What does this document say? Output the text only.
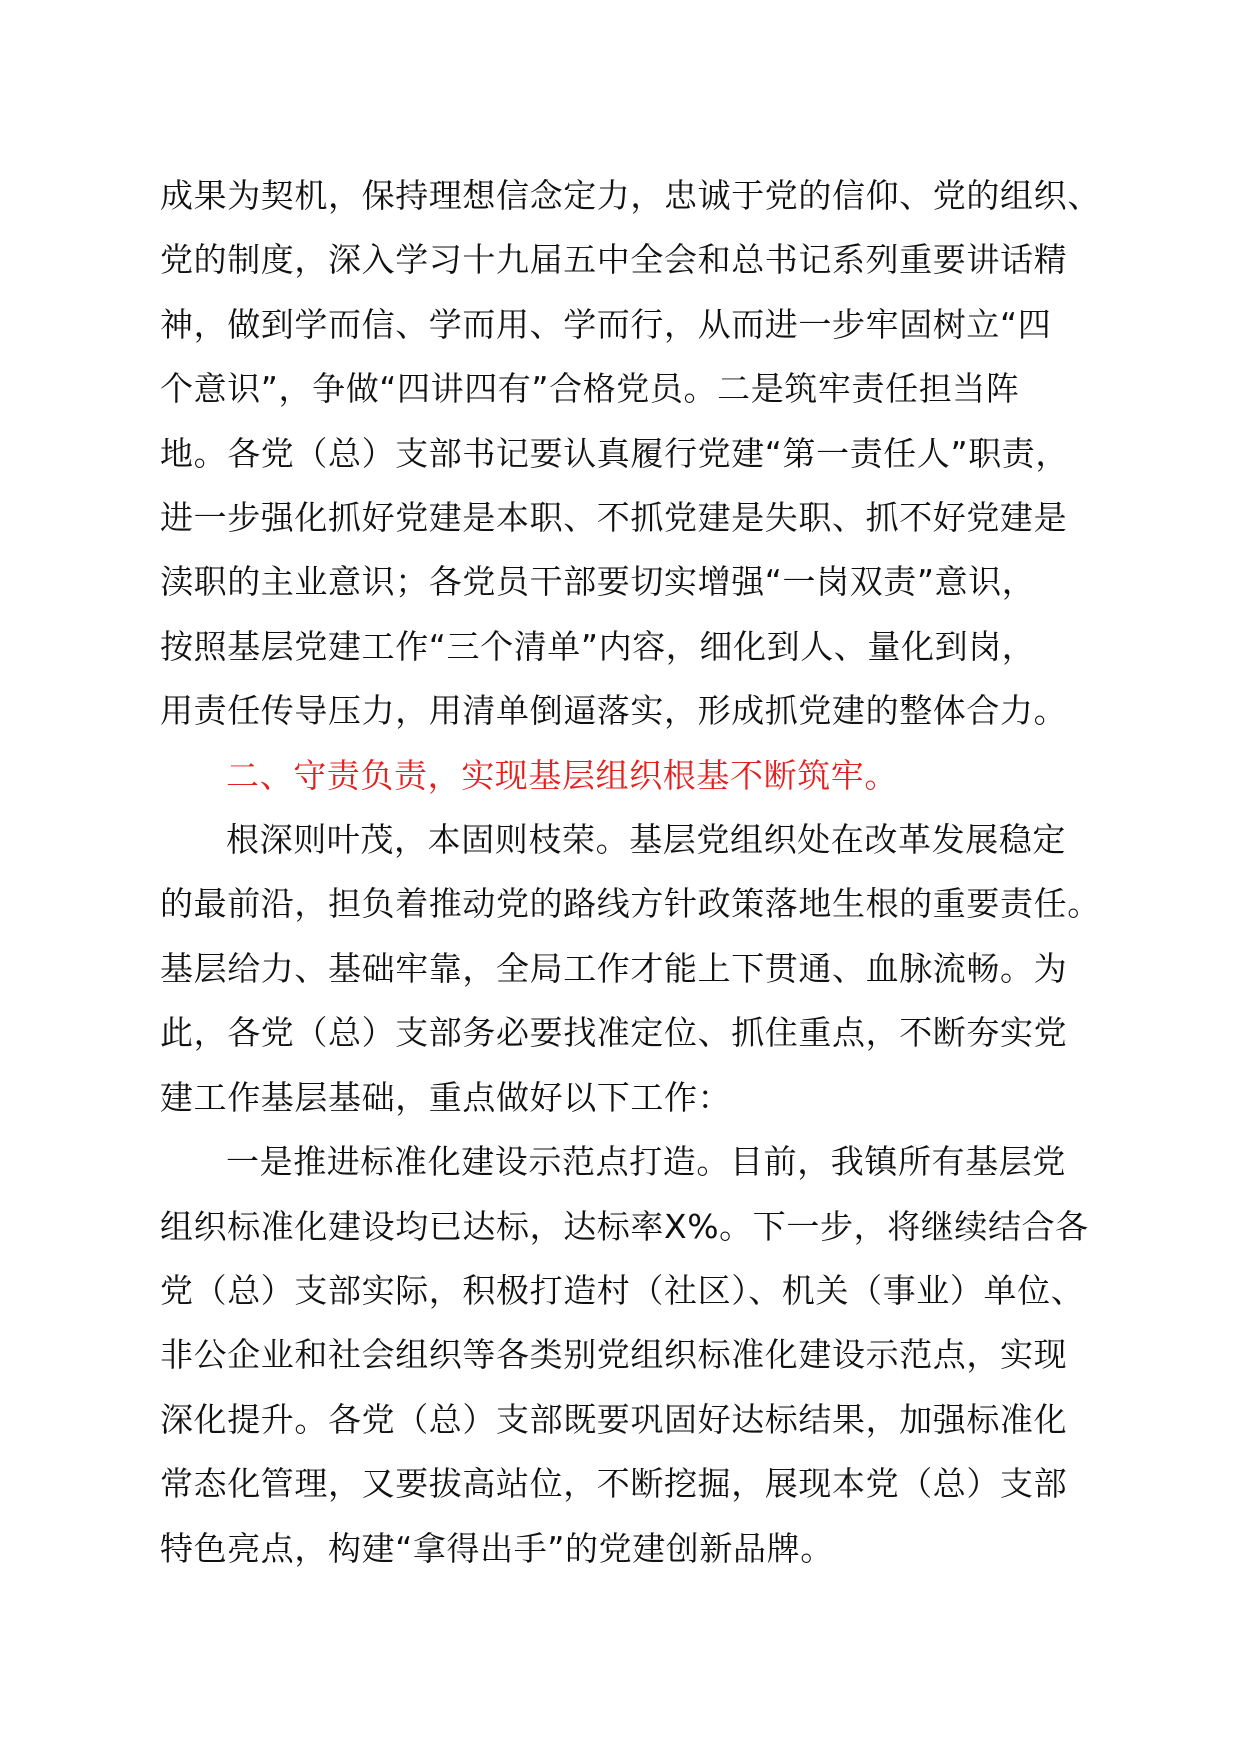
成果为契机，保持理想信念定力，忠诚于党的信仰、党的组织、
党的制度，深入学习十九届五中全会和总书记系列重要讲话精
神，做到学而信、学而用、学而行，从而进一步牢固树立“四
个意识”，争做“四讲四有”合格党员。二是筑牢责任担当阵
地。各党（总）支部书记要认真履行党建“第一责任人”职责，
进一步强化抓好党建是本职、不抓党建是失职、抓不好党建是
渎职的主业意识；各党员干部要切实增强“一岗双责”意识，
按照基层党建工作“三个清单”内容，细化到人、量化到岗，
用责任传导压力，用清单倒逼落实，形成抓党建的整体合力。

二、守责负责，实现基层组织根基不断筑牢。

根深则叶茂，本固则枝荣。基层党组织处在改革发展稳定
的最前沿，担负着推动党的路线方针政策落地生根的重要责任。
基层给力、基础牢靠，全局工作才能上下贯通、血脉流畅。为
此，各党（总）支部务必要找准定位、抓住重点，不断夯实党
建工作基层基础，重点做好以下工作：

一是推进标准化建设示范点打造。目前，我镇所有基层党
组织标准化建设均已达标，达标率X%。下一步，将继续结合各
党（总）支部实际，积极打造村（社区）、机关（事业）单位、
非公企业和社会组织等各类别党组织标准化建设示范点，实现
深化提升。各党（总）支部既要巩固好达标结果，加强标准化
常态化管理，又要拔高站位，不断挖掘，展现本党（总）支部
特色亮点，构建“拿得出手”的党建创新品牌。
